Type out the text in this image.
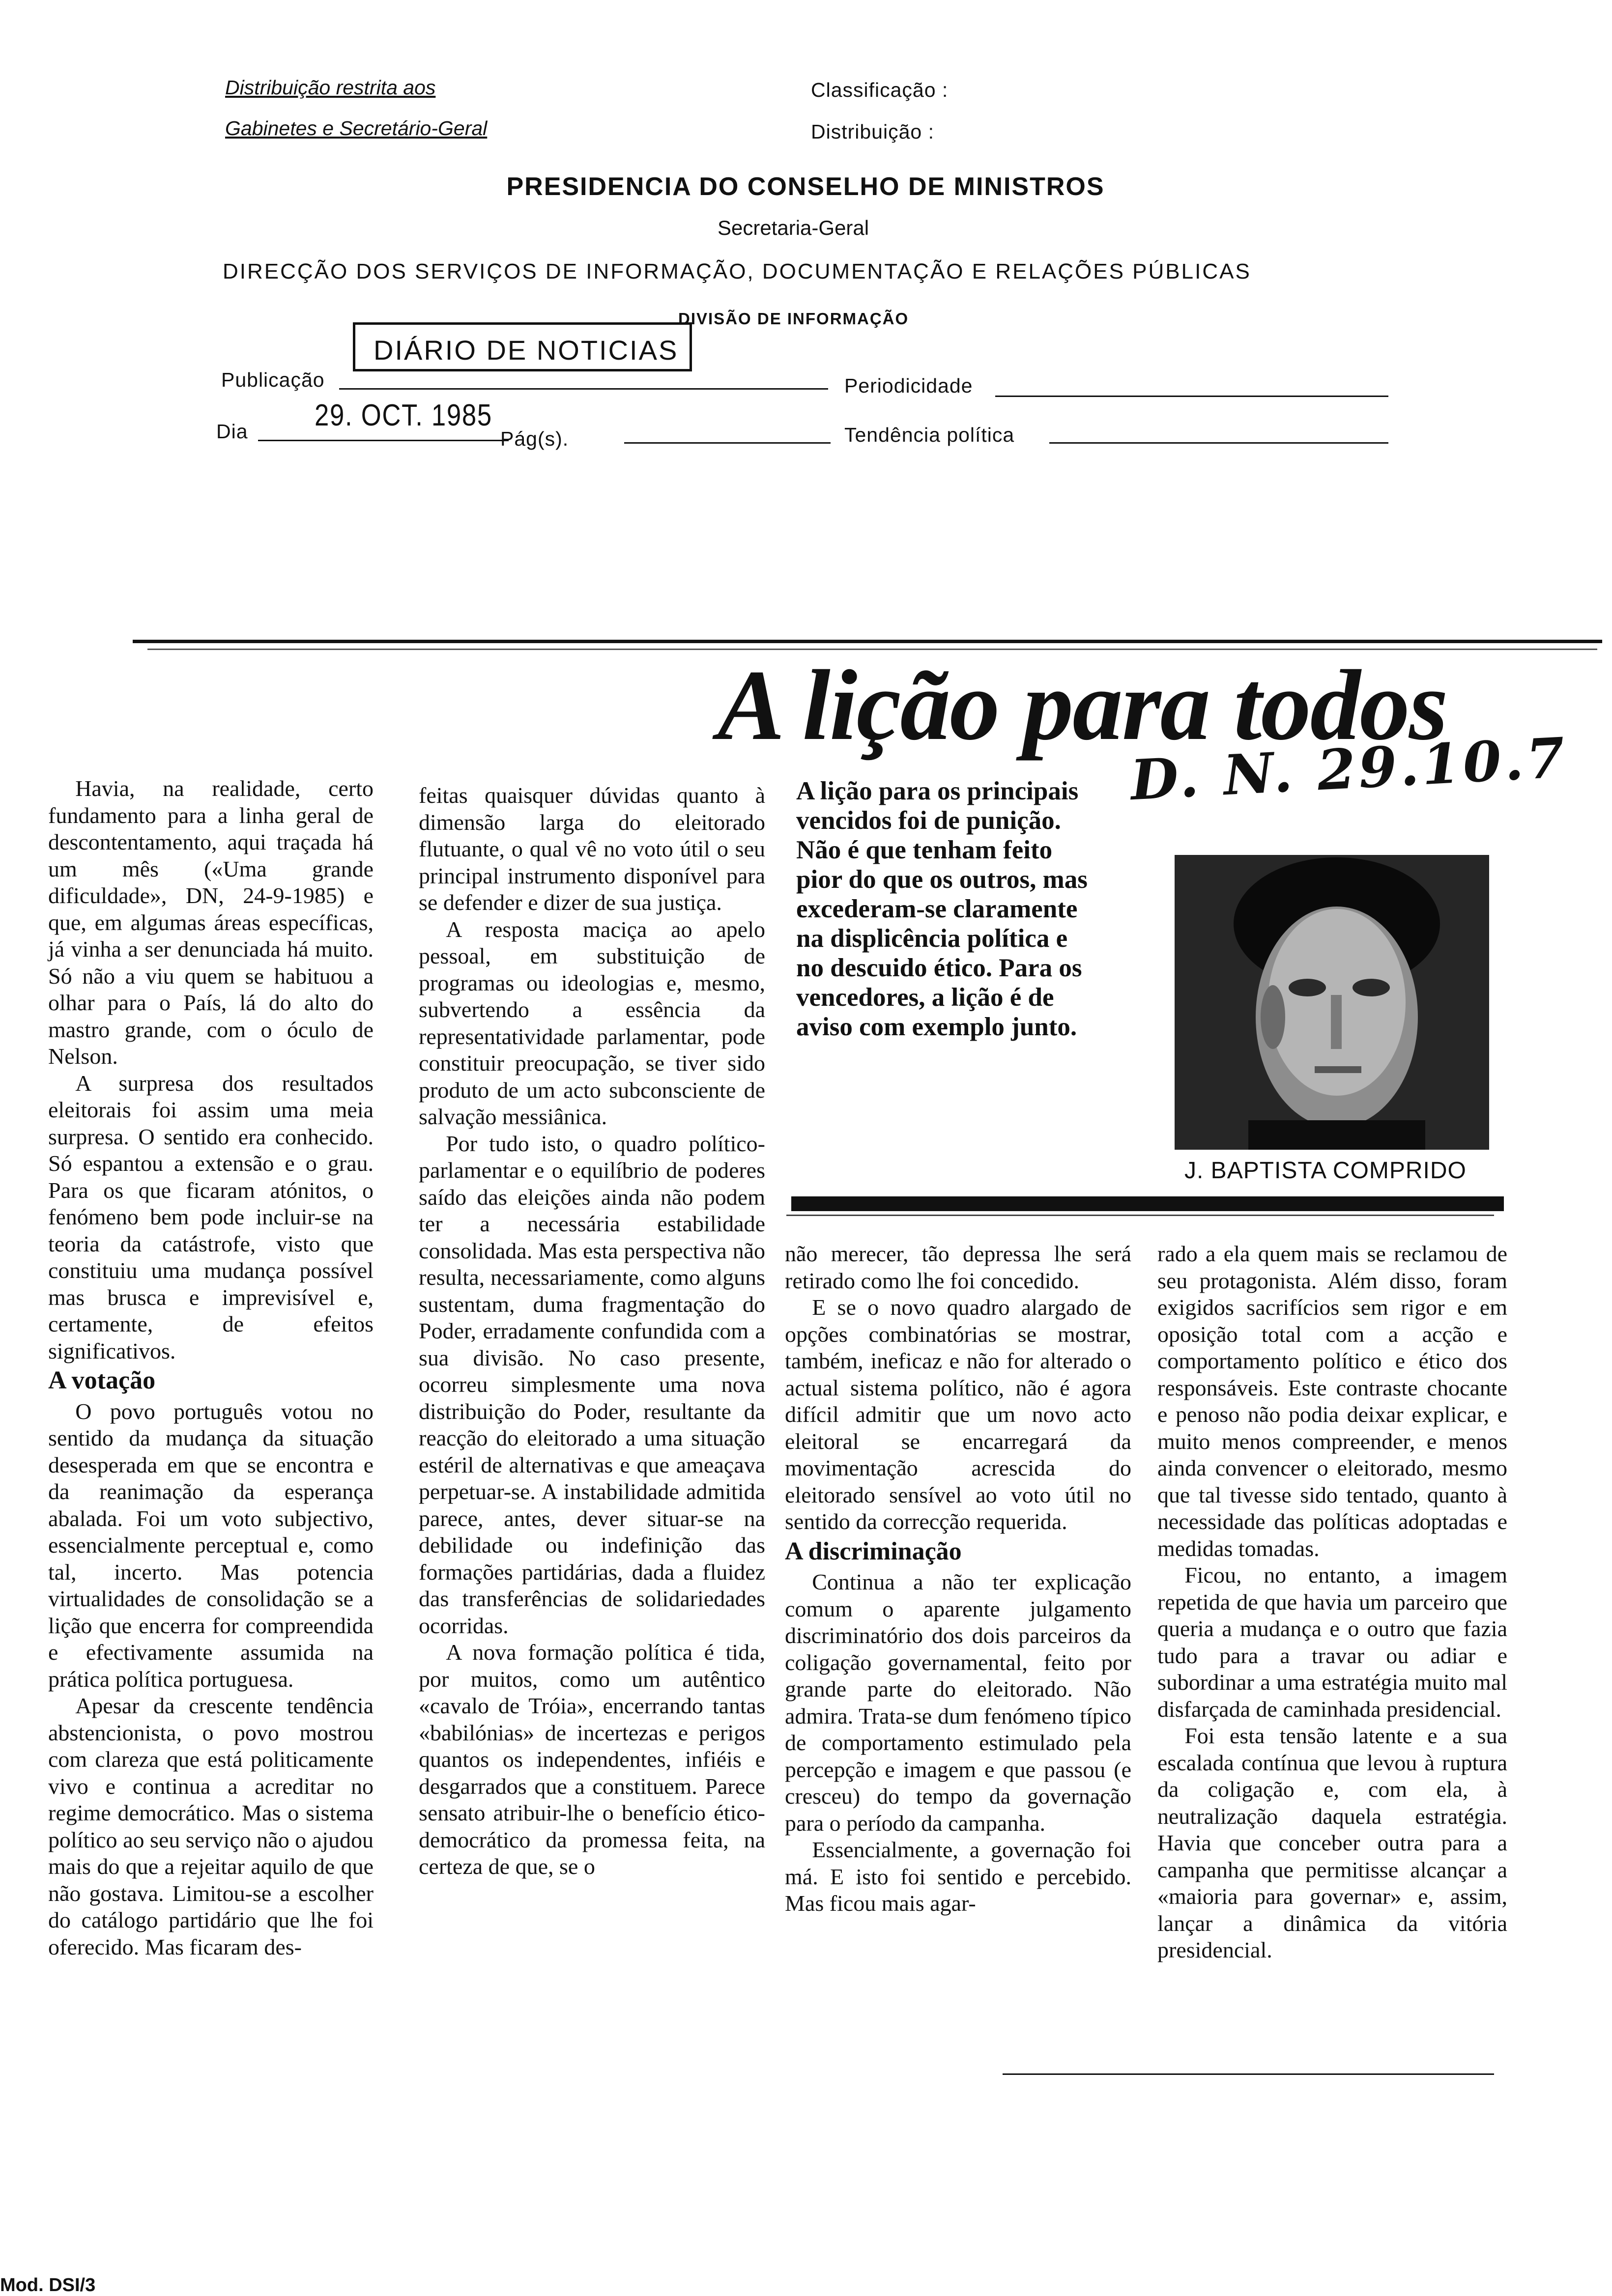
Distribuição restrita aos
Gabinetes e Secretário-Geral
Classificação :
Distribuição :
PRESIDENCIA DO CONSELHO DE MINISTROS
Secretaria-Geral
DIRECÇÃO DOS SERVIÇOS DE INFORMAÇÃO, DOCUMENTAÇÃO E RELAÇÕES PÚBLICAS
DIVISÃO DE INFORMAÇÃO
DIÁRIO DE NOTICIAS
Publicação	Periodicidade
Dia 29. OCT. 1985
Pág(s).	Tendência política
A lição para todos
D. N. 29.10.7
A lição para os principais
vencidos foi de punição.
Não é que tenham feito
pior do que os outros, mas
excederam-se claramente
na displicência política e
no descuido ético. Para os
vencedores, a lição é de
aviso com exemplo junto.
J. BAPTISTA COMPRIDO

Havia, na realidade, certo fundamento para a linha geral de descontentamento, aqui traçada há um mês («Uma grande dificuldade», DN, 24-9-1985) e que, em algumas áreas específicas, já vinha a ser denunciada há muito. Só não a viu quem se habituou a olhar para o País, lá do alto do mastro grande, com o óculo de Nelson.

A surpresa dos resultados eleitorais foi assim uma meia surpresa. O sentido era conhecido. Só espantou a extensão e o grau. Para os que ficaram atónitos, o fenómeno bem pode incluir-se na teoria da catástrofe, visto que constituiu uma mudança possível mas brusca e imprevisível e, certamente, de efeitos significativos.

A votação

O povo português votou no sentido da mudança da situação desesperada em que se encontra e da reanimação da esperança abalada. Foi um voto subjectivo, essencialmente perceptual e, como tal, incerto. Mas potencia virtualidades de consolidação se a lição que encerra for compreendida e efectivamente assumida na prática política portuguesa.

Apesar da crescente tendência abstencionista, o povo mostrou com clareza que está politicamente vivo e continua a acreditar no regime democrático. Mas o sistema político ao seu serviço não o ajudou mais do que a rejeitar aquilo de que não gostava. Limitou-se a escolher do catálogo partidário que lhe foi oferecido. Mas ficaram des-

feitas quaisquer dúvidas quanto à dimensão larga do eleitorado flutuante, o qual vê no voto útil o seu principal instrumento disponível para se defender e dizer de sua justiça.

A resposta maciça ao apelo pessoal, em substituição de programas ou ideologias e, mesmo, subvertendo a essência da representatividade parlamentar, pode constituir preocupação, se tiver sido produto de um acto subconsciente de salvação messiânica.

Por tudo isto, o quadro político-parlamentar e o equilíbrio de poderes saído das eleições ainda não podem ter a necessária estabilidade consolidada. Mas esta perspectiva não resulta, necessariamente, como alguns sustentam, duma fragmentação do Poder, erradamente confundida com a sua divisão. No caso presente, ocorreu simplesmente uma nova distribuição do Poder, resultante da reacção do eleitorado a uma situação estéril de alternativas e que ameaçava perpetuar-se. A instabilidade admitida parece, antes, dever situar-se na debilidade ou indefinição das formações partidárias, dada a fluidez das transferências de solidariedades ocorridas.

A nova formação política é tida, por muitos, como um autêntico «cavalo de Tróia», encerrando tantas «babilónias» de incertezas e perigos quantos os independentes, infiéis e desgarrados que a constituem. Parece sensato atribuir-lhe o benefício ético-democrático da promessa feita, na certeza de que, se o

não merecer, tão depressa lhe será retirado como lhe foi concedido.

E se o novo quadro alargado de opções combinatórias se mostrar, também, ineficaz e não for alterado o actual sistema político, não é agora difícil admitir que um novo acto eleitoral se encarregará da movimentação acrescida do eleitorado sensível ao voto útil no sentido da correcção requerida.

A discriminação

Continua a não ter explicação comum o aparente julgamento discriminatório dos dois parceiros da coligação governamental, feito por grande parte do eleitorado. Não admira. Trata-se dum fenómeno típico de comportamento estimulado pela percepção e imagem e que passou (e cresceu) do tempo da governação para o período da campanha.

Essencialmente, a governação foi má. E isto foi sentido e percebido. Mas ficou mais agar-

rado a ela quem mais se reclamou de seu protagonista. Além disso, foram exigidos sacrifícios sem rigor e em oposição total com a acção e comportamento político e ético dos responsáveis. Este contraste chocante e penoso não podia deixar explicar, e muito menos compreender, e menos ainda convencer o eleitorado, mesmo que tal tivesse sido tentado, quanto à necessidade das políticas adoptadas e medidas tomadas.

Ficou, no entanto, a imagem repetida de que havia um parceiro que queria a mudança e o outro que fazia tudo para a travar ou adiar e subordinar a uma estratégia muito mal disfarçada de caminhada presidencial.

Foi esta tensão latente e a sua escalada contínua que levou à ruptura da coligação e, com ela, à neutralização daquela estratégia. Havia que conceber outra para a campanha que permitisse alcançar a «maioria para governar» e, assim, lançar a dinâmica da vitória presidencial.

Mod. DSI/3
